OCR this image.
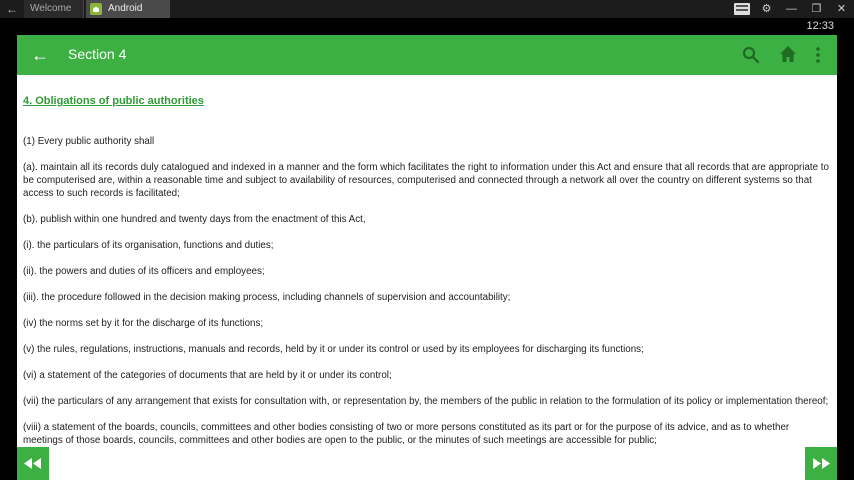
←	Welcome	Android	⚙	—	❐	✕
12:33
← Section 4
4. Obligations of public authorities

(1) Every public authority shall

(a). maintain all its records duly catalogued and indexed in a manner and the form which facilitates the right to information under this Act and ensure that all records that are appropriate to be computerised are, within a reasonable time and subject to availability of resources, computerised and connected through a network all over the country on different systems so that access to such records is facilitated;

(b). publish within one hundred and twenty days from the enactment of this Act,

(i). the particulars of its organisation, functions and duties;

(ii). the powers and duties of its officers and employees;

(iii). the procedure followed in the decision making process, including channels of supervision and accountability;

(iv) the norms set by it for the discharge of its functions;

(v) the rules, regulations, instructions, manuals and records, held by it or under its control or used by its employees for discharging its functions;

(vi) a statement of the categories of documents that are held by it or under its control;

(vii) the particulars of any arrangement that exists for consultation with, or representation by, the members of the public in relation to the formulation of its policy or implementation thereof;

(viii) a statement of the boards, councils, committees and other bodies consisting of two or more persons constituted as its part or for the purpose of its advice, and as to whether meetings of those boards, councils, committees and other bodies are open to the public, or the minutes of such meetings are accessible for public;
